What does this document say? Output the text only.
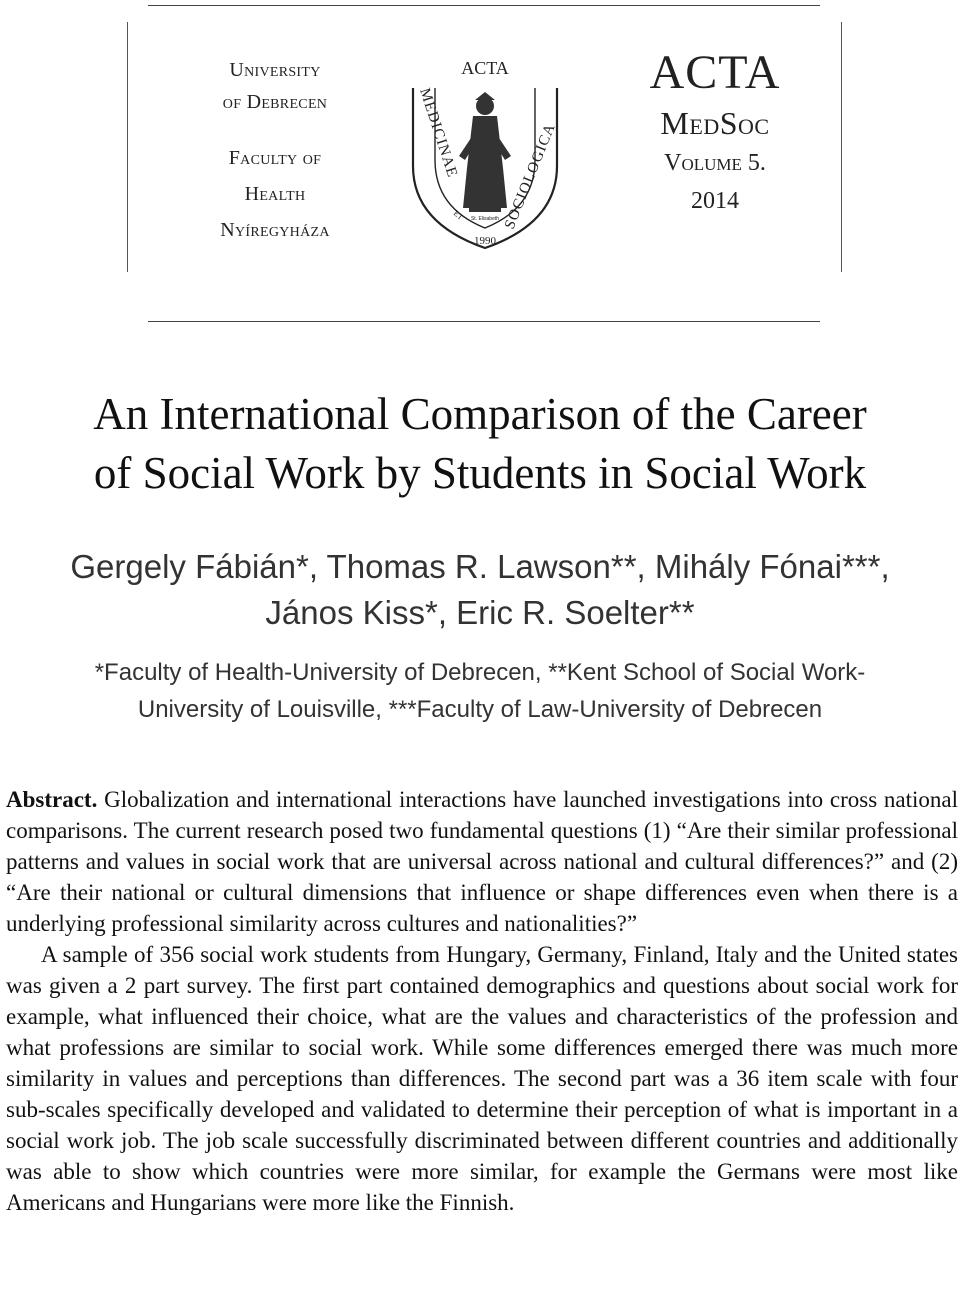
University
of Debrecen
Faculty of
Health
Nyíregyháza
ACTA
MEDICINAE	SOCIOLOGICA
ET
1990
St. Elisabeth
ACTA
MedSoc
Volume 5.
2014
An International Comparison of the Career
of Social Work by Students in Social Work
Gergely Fábián*, Thomas R. Lawson**, Mihály Fónai***,
János Kiss*, Eric R. Soelter**
*Faculty of Health-University of Debrecen, **Kent School of Social Work-
University of Louisville, ***Faculty of Law-University of Debrecen

Abstract. Globalization and international interactions have launched investigations into cross national comparisons. The current research posed two fundamental questions (1) “Are their similar professional patterns and values in social work that are universal across national and cultural differences?” and (2) “Are their national or cultural dimensions that influence or shape differences even when there is a underlying professional similarity across cultures and nationalities?”

A sample of 356 social work students from Hungary, Germany, Finland, Italy and the United states was given a 2 part survey. The first part contained demographics and questions about social work for example, what influenced their choice, what are the values and characteristics of the profession and what professions are similar to social work. While some differences emerged there was much more similarity in values and perceptions than differences. The second part was a 36 item scale with four sub-scales specifically developed and validated to determine their perception of what is important in a social work job. The job scale successfully discriminated between different countries and additionally was able to show which countries were more similar, for example the Germans were most like Americans and Hungarians were more like the Finnish.
